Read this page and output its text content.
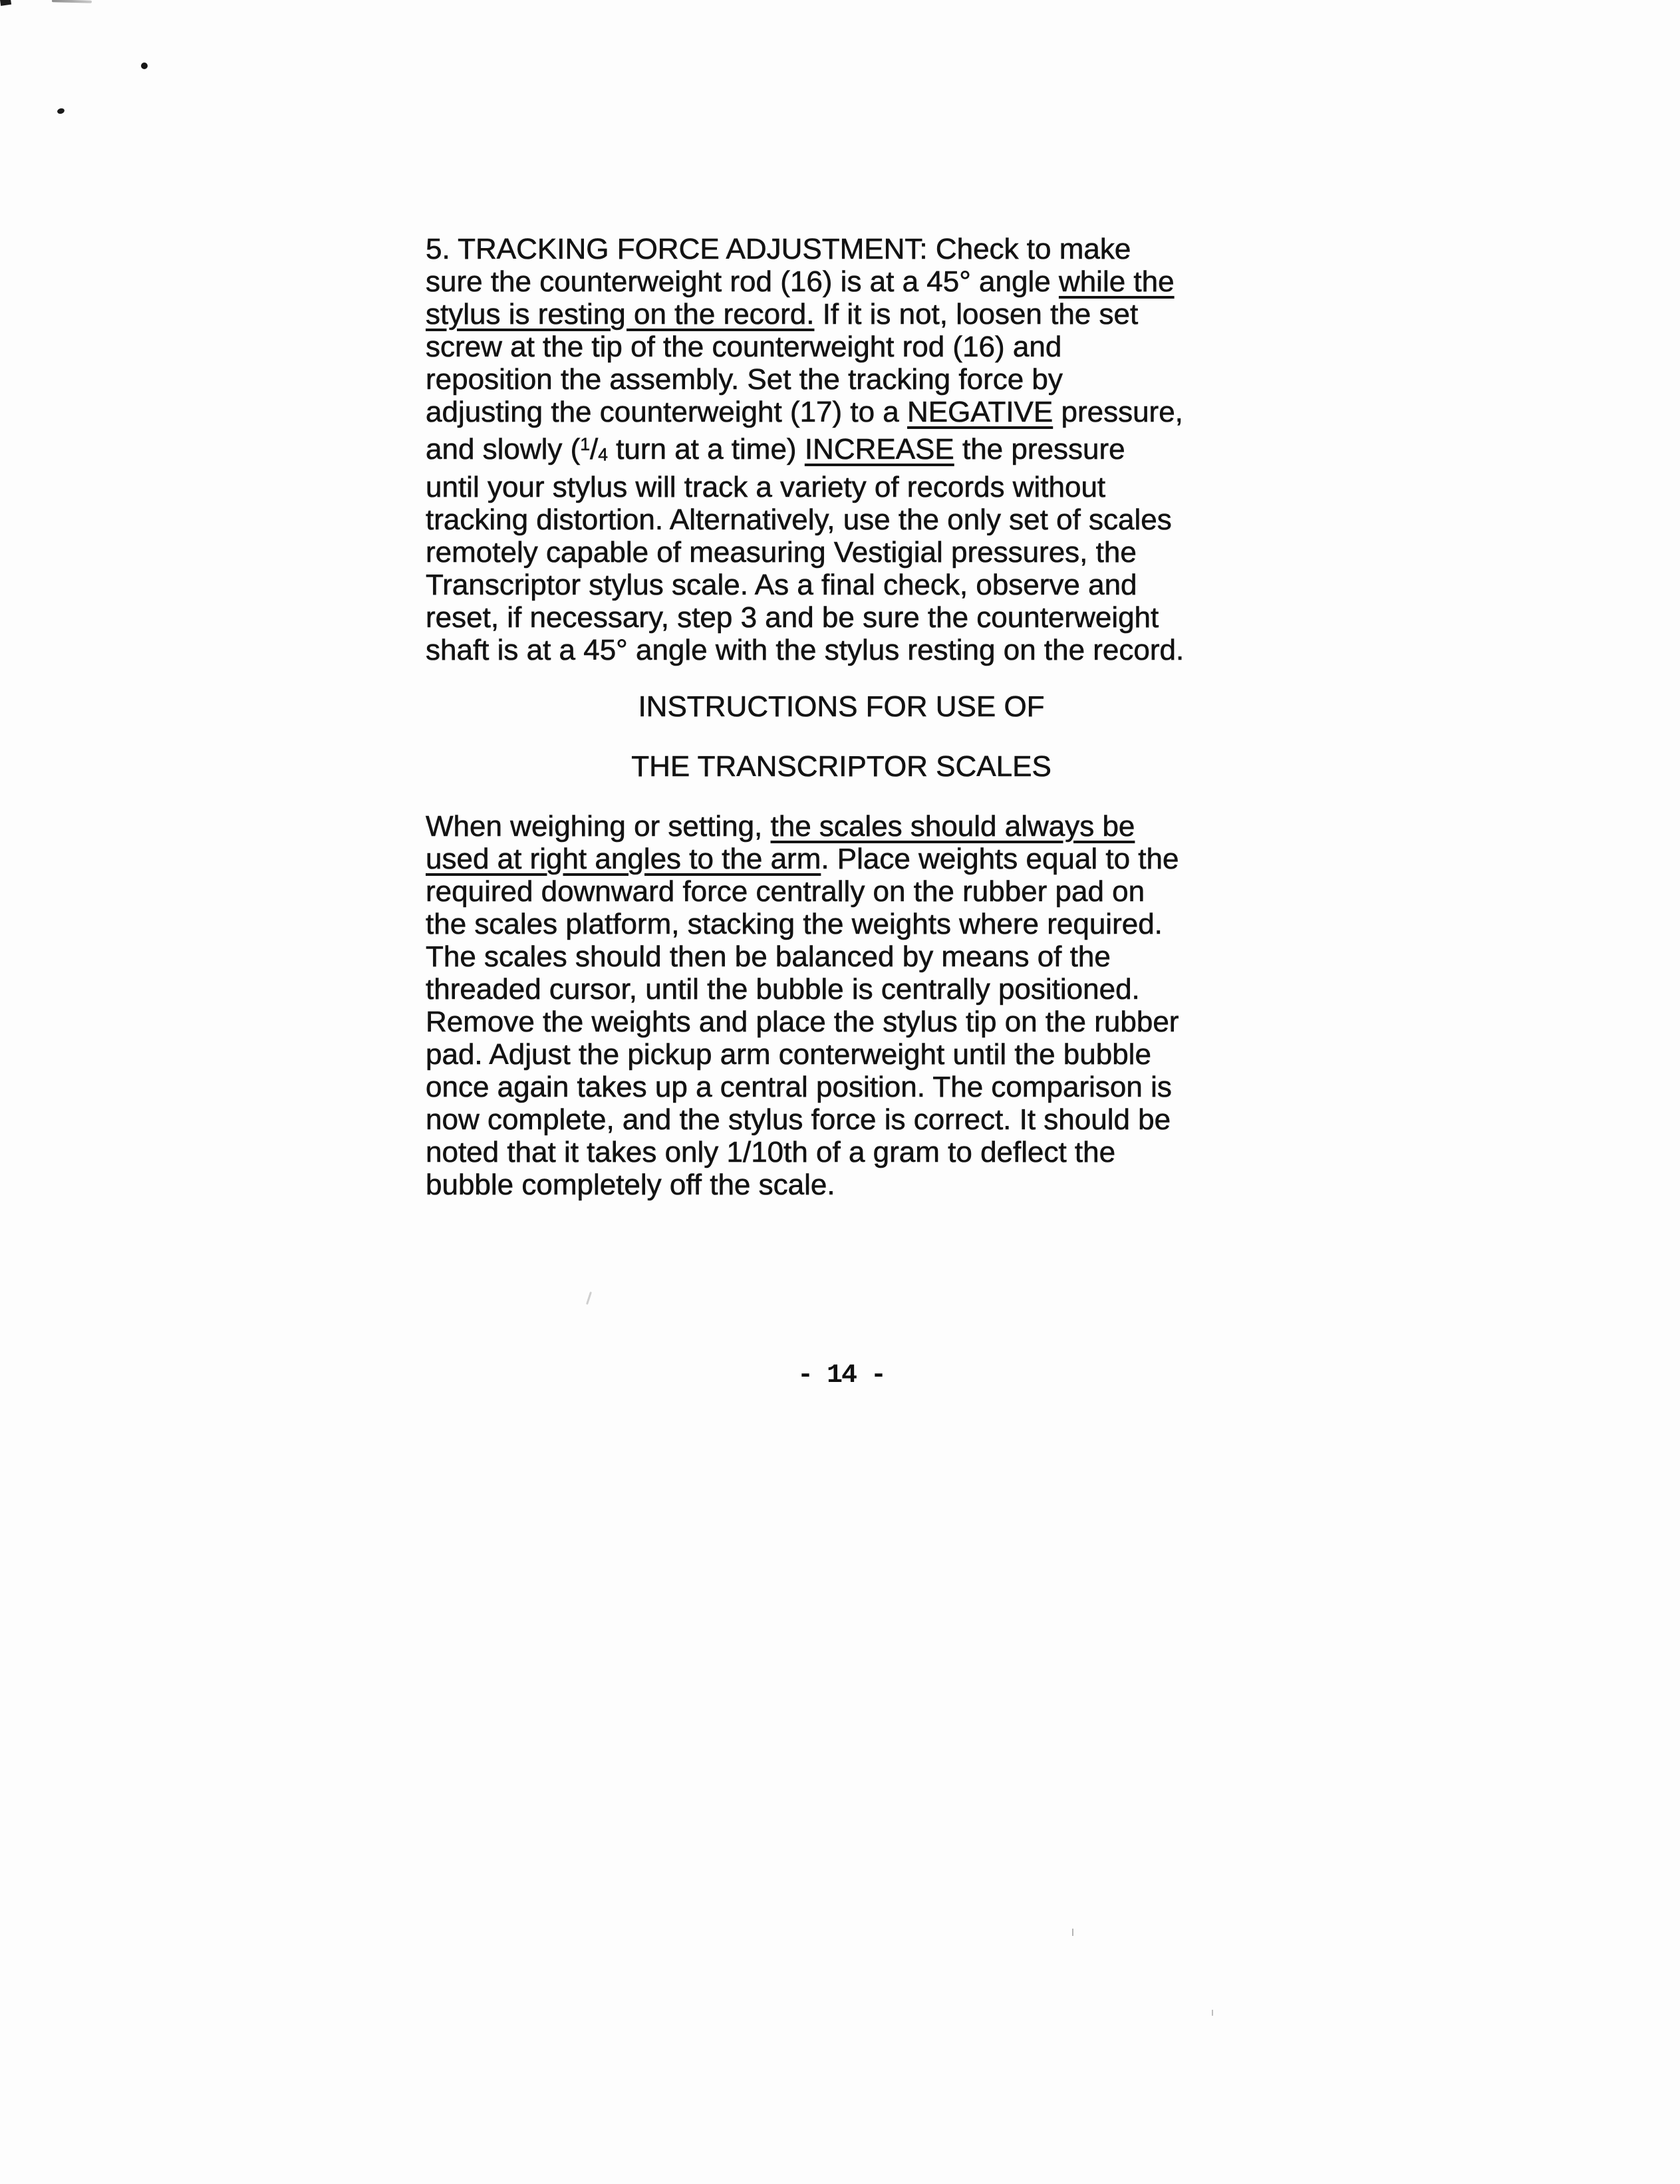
5. TRACKING FORCE ADJUSTMENT: Check to make
sure the counterweight rod (16) is at a 45° angle while the
stylus is resting on the record. If it is not, loosen the set
screw at the tip of the counterweight rod (16) and
reposition the assembly. Set the tracking force by
adjusting the counterweight (17) to a NEGATIVE pressure,
and slowly ($^1$/4 turn at a time) INCREASE the pressure
until your stylus will track a variety of records without
tracking distortion. Alternatively, use the only set of scales
remotely capable of measuring Vestigial pressures, the
Transcriptor stylus scale. As a final check, observe and
reset, if necessary, step 3 and be sure the counterweight
shaft is at a 45° angle with the stylus resting on the record.
INSTRUCTIONS FOR USE OF
THE TRANSCRIPTOR SCALES
When weighing or setting, the scales should always be
used at right angles to the arm. Place weights equal to the
required downward force centrally on the rubber pad on
the scales platform, stacking the weights where required.
The scales should then be balanced by means of the
threaded cursor, until the bubble is centrally positioned.
Remove the weights and place the stylus tip on the rubber
pad. Adjust the pickup arm conterweight until the bubble
once again takes up a central position. The comparison is
now complete, and the stylus force is correct. It should be
noted that it takes only 1/10th of a gram to deflect the
bubble completely off the scale.
- 14 -
